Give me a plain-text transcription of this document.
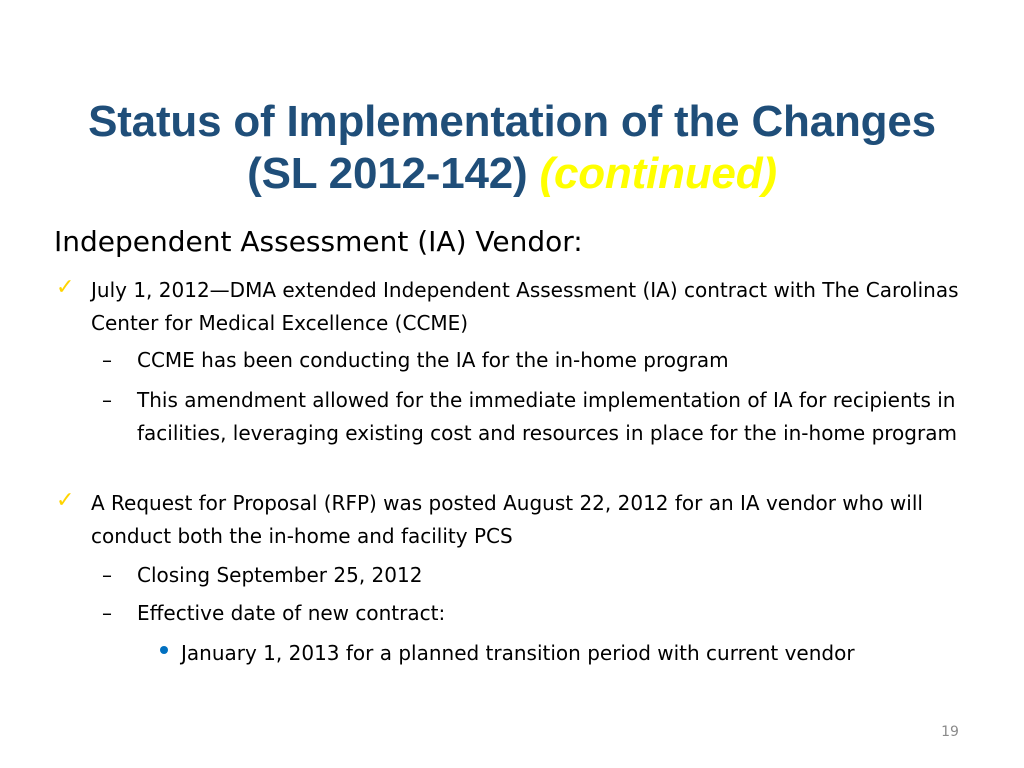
Status of Implementation of the Changes
(SL 2012-142) (continued)
Independent Assessment (IA) Vendor:
✓ July 1, 2012—DMA extended Independent Assessment (IA) contract with The Carolinas Center for Medical Excellence (CCME)
– CCME has been conducting the IA for the in-home program
– This amendment allowed for the immediate implementation of IA for recipients in facilities, leveraging existing cost and resources in place for the in-home program
✓ A Request for Proposal (RFP) was posted August 22, 2012 for an IA vendor who will conduct both the in-home and facility PCS
– Closing September 25, 2012
– Effective date of new contract:
January 1, 2013 for a planned transition period with current vendor
19
